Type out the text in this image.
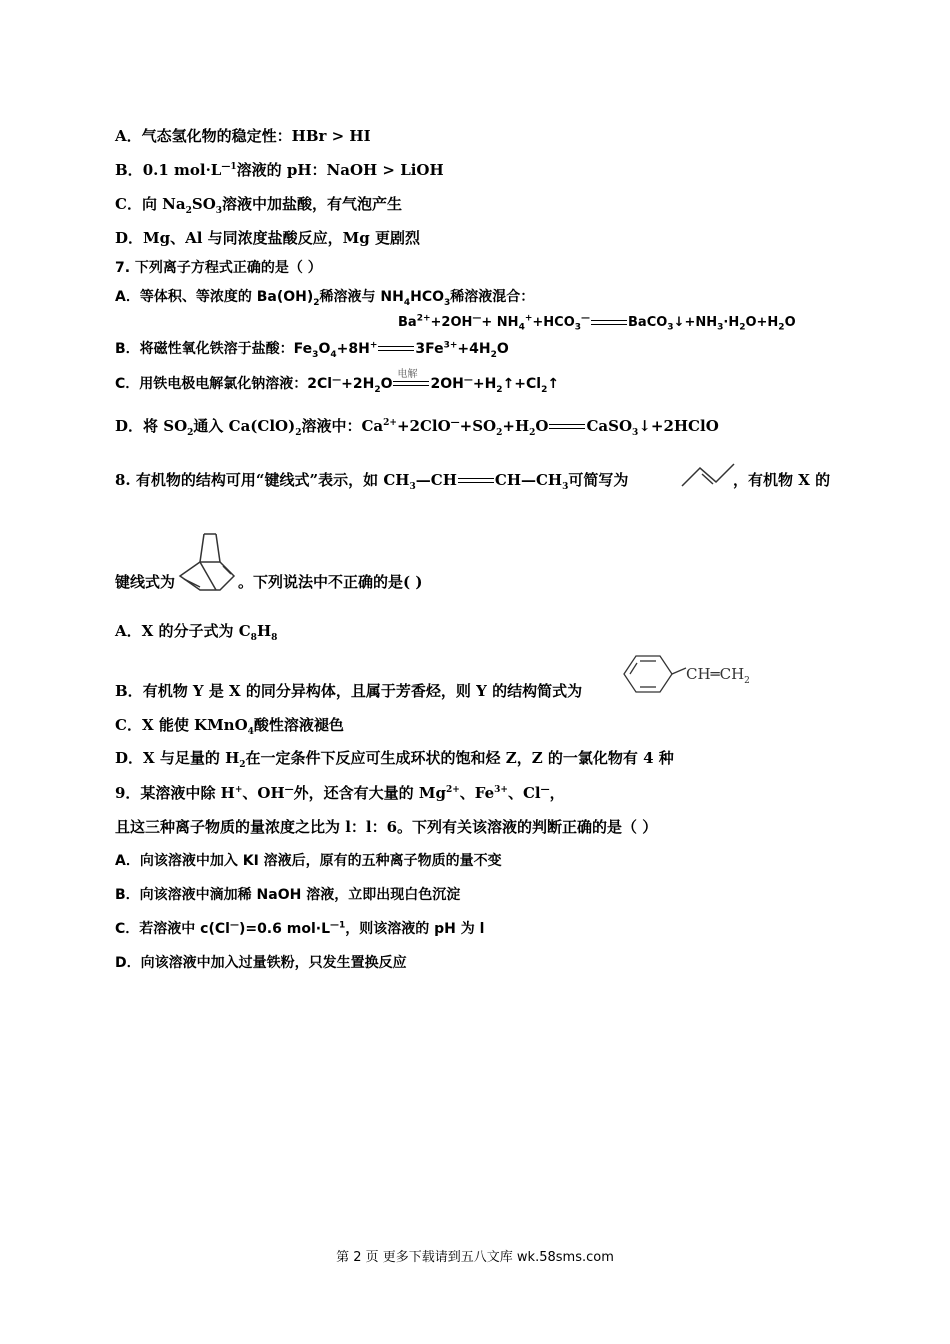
A．气态氢化物的稳定性：HBr > HI
B．0.1 $mol\cdot L^{—1}$溶液的 pH：NaOH > LiOH
C．向 $Na_2SO_3$溶液中加盐酸，有气泡产生
D．Mg、Al 与同浓度盐酸反应，Mg 更剧烈
7. 下列离子方程式正确的是（ ）
A．等体积、等浓度的 $Ba(OH)_2$稀溶液与 $NH_4HCO_3$稀溶液混合：
$Ba^{2+}+2OH^—+ NH_4^++HCO_3^—$	$BaCO_3↓+NH_3\cdot H_2O+H_2O$
B．将磁性氧化铁溶于盐酸：$Fe_3O_4+8H^+$	$3Fe^{3+}+4H_2O$
C．用铁电极电解氯化钠溶液：$2Cl^—+2H_2O$
电解
$2OH^—+H_2↑+Cl_2↑$
D．将 $SO_2$通入 $Ca(ClO)_2$溶液中：$Ca^{2+}+2ClO^—+SO_2+H_2O$	CaSO$_3$↓+2HClO
8. 有机物的结构可用“键线式”表示，如 $CH_3—CH$	$CH—CH_3$可简写为	，有机物 X 的
键线式为	。下列说法中不正确的是( )
A．X 的分子式为 $C_8H_8$
B．有机物 Y 是 X 的同分异构体，且属于芳香烃，则 Y 的结构简式为
$CH═CH_2$
C．X 能使 KMnO$_4$酸性溶液褪色
D．X 与足量的 $H_2$在一定条件下反应可生成环状的饱和烃 Z，Z 的一氯化物有 4 种
9．某溶液中除 H+、OH—外，还含有大量的 $Mg^{2+}$、$Fe^{3+}$、Cl—，
且这三种离子物质的量浓度之比为 l：l：6。下列有关该溶液的判断正确的是（ ）
A．向该溶液中加入 KI 溶液后，原有的五种离子物质的量不变
B．向该溶液中滴加稀 NaOH 溶液，立即出现白色沉淀
C．若溶液中 c(Cl—)=0.6 $mol\cdot L^{—1}$，则该溶液的 pH 为 l
D．向该溶液中加入过量铁粉，只发生置换反应
第 2 页 更多下载请到五八文库 wk.58sms.com
